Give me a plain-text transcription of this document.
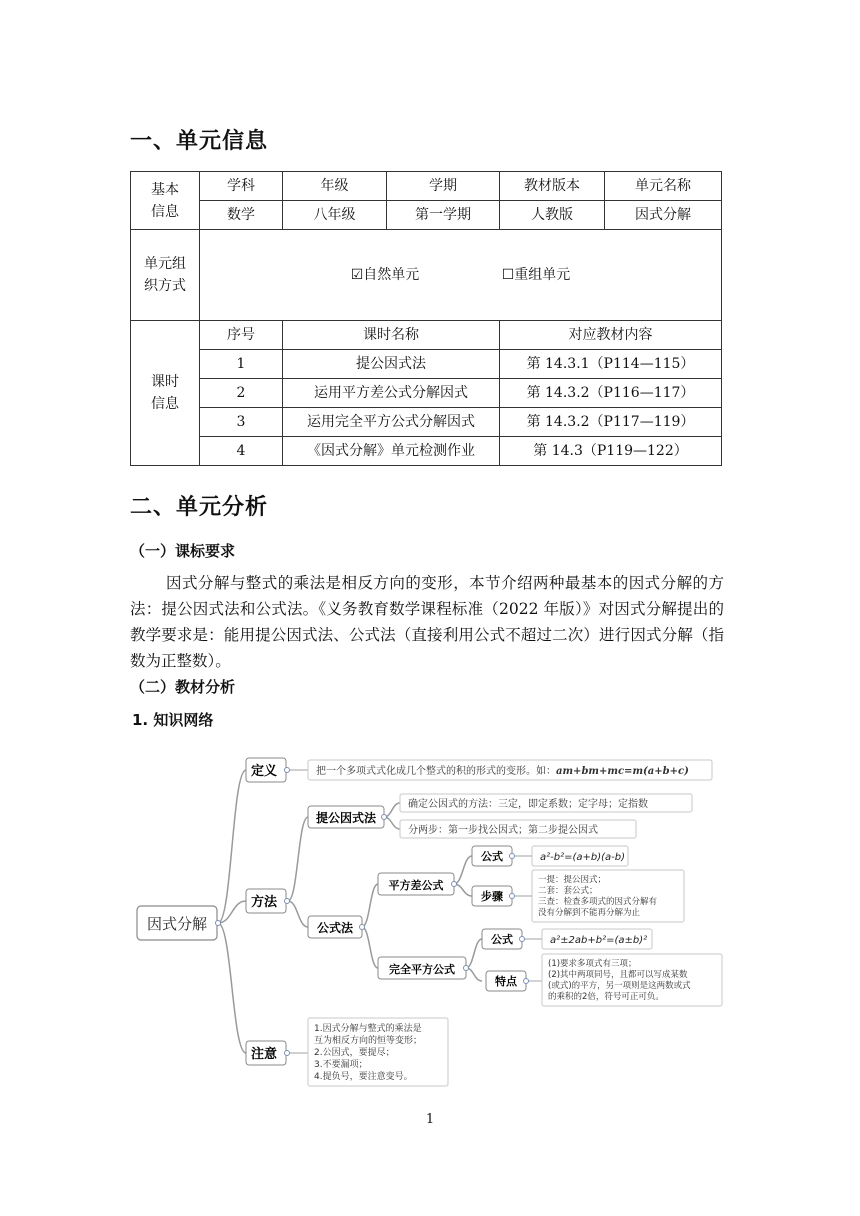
一、单元信息
基本信息	学科	年级	学期	教材版本	单元名称
	数学	八年级	第一学期	人教版	因式分解

单元组织方式	☑自然单元 ☐重组单元				

课时信息	序号	课时名称		对应教材内容	
	1	提公因式法		第 14.3.1（P114—115）	
	2	运用平方差公式分解因式		第 14.3.2（P116—117）	
	3	运用完全平方公式分解因式		第 14.3.2（P117—119）	
	4	《因式分解》单元检测作业		第 14.3（P119—122）	
二、单元分析
（一）课标要求

因式分解与整式的乘法是相反方向的变形，本节介绍两种最基本的因式分解的方法：提公因式法和公式法。《义务教育数学课程标准（2022 年版）》对因式分解提出的教学要求是：能用提公因式法、公式法（直接利用公式不超过二次）进行因式分解（指数为正整数）。

（二）教材分析
1. 知识网络
因式分解
定义
方法
注意
把一个多项式式化成几个整式的积的形式的变形。如：am+bm+mc=m(a+b+c)
提公因式法
确定公因式的方法：三定，即定系数；定字母；定指数
分两步：第一步找公因式；第二步提公因式
公式法
平方差公式
公式	a²-b²=(a+b)(a-b)
步骤
一提：提公因式； 二套：套公式； 三查：检查多项式的因式分解有 没有分解到不能再分解为止
完全平方公式
公式	a²±2ab+b²=(a±b)²
特点
(1)要求多项式有三项； (2)其中两项同号，且都可以写成某数 (或式)的平方，另一项则是这两数或式 的乘积的2倍，符号可正可负。
1.因式分解与整式的乘法是 互为相反方向的恒等变形； 2.公因式，要提尽； 3.不要漏项； 4.提负号，要注意变号。
1
